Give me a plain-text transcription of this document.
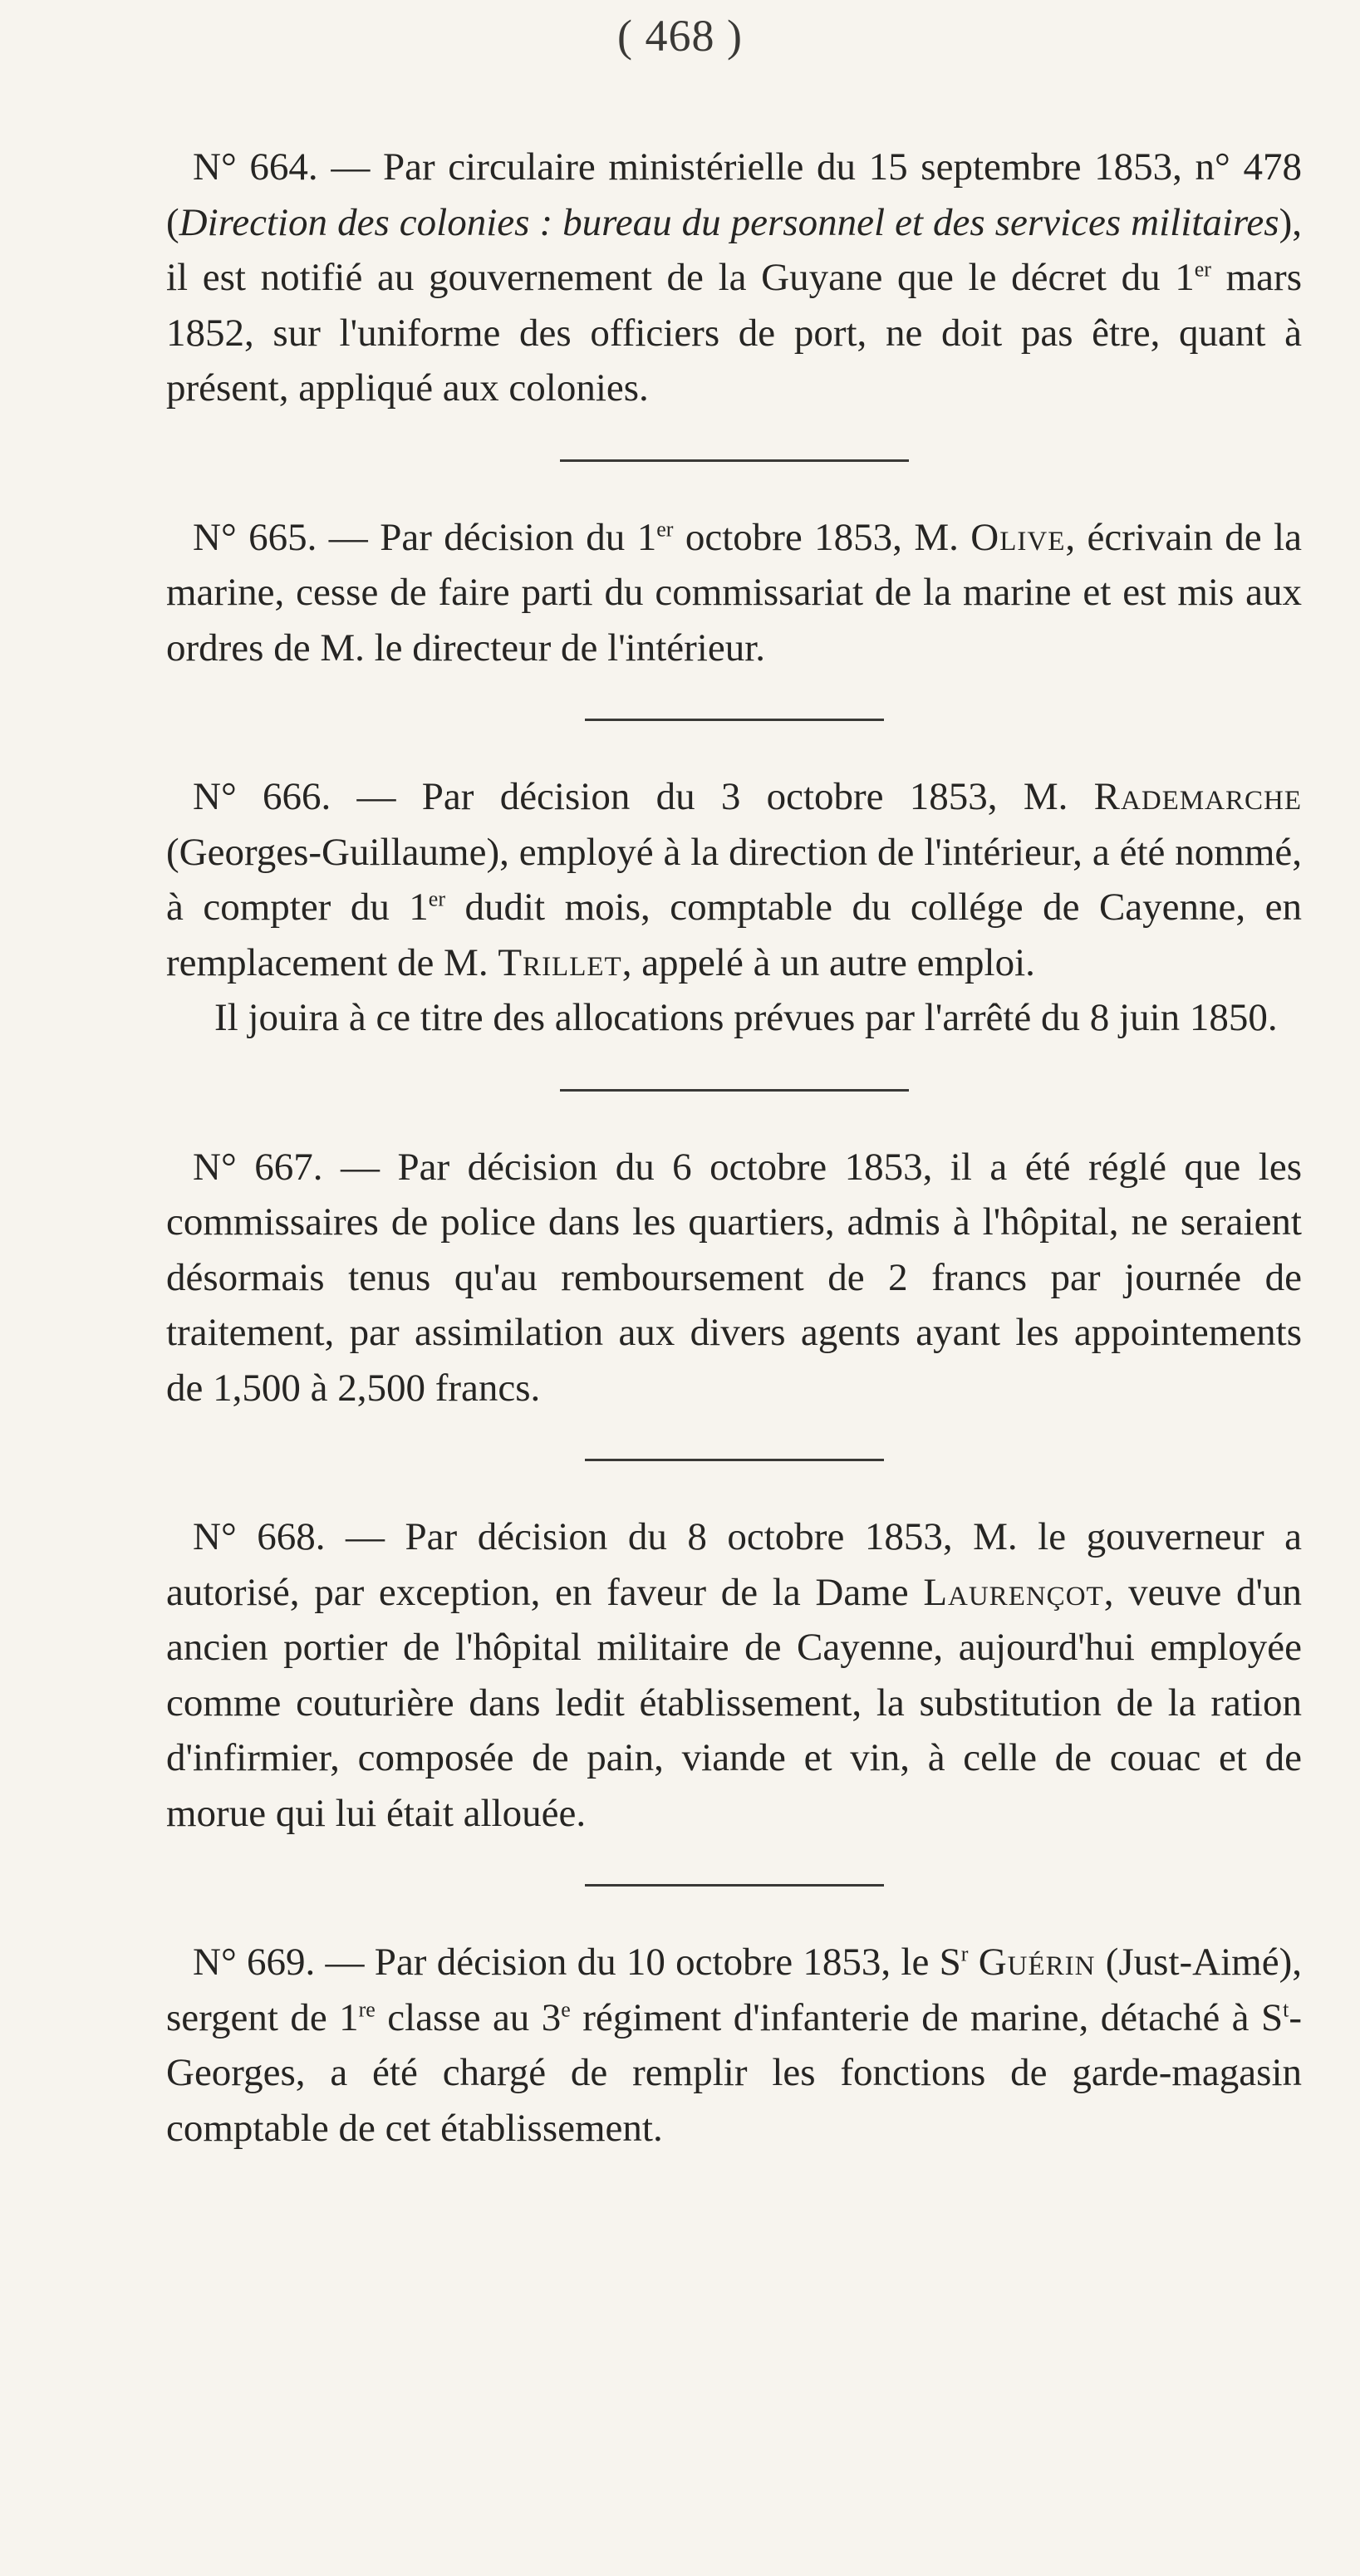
( 468 )

N° 664. — Par circulaire ministérielle du 15 septembre 1853, n° 478 (Direction des colonies : bureau du personnel et des services militaires), il est notifié au gouvernement de la Guyane que le décret du 1er mars 1852, sur l'uniforme des officiers de port, ne doit pas être, quant à présent, appliqué aux colonies.

N° 665. — Par décision du 1er octobre 1853, M. Olive, écrivain de la marine, cesse de faire parti du commissariat de la marine et est mis aux ordres de M. le directeur de l'intérieur.

N° 666. — Par décision du 3 octobre 1853, M. Rademarche (Georges-Guillaume), employé à la direction de l'intérieur, a été nommé, à compter du 1er dudit mois, comptable du collége de Cayenne, en remplacement de M. Trillet, appelé à un autre emploi.

Il jouira à ce titre des allocations prévues par l'arrêté du 8 juin 1850.

N° 667. — Par décision du 6 octobre 1853, il a été réglé que les commissaires de police dans les quartiers, admis à l'hôpital, ne seraient désormais tenus qu'au remboursement de 2 francs par journée de traitement, par assimilation aux divers agents ayant les appointements de 1,500 à 2,500 francs.

N° 668. — Par décision du 8 octobre 1853, M. le gouverneur a autorisé, par exception, en faveur de la Dame Laurençot, veuve d'un ancien portier de l'hôpital militaire de Cayenne, aujourd'hui employée comme couturière dans ledit établissement, la substitution de la ration d'infirmier, composée de pain, viande et vin, à celle de couac et de morue qui lui était allouée.

N° 669. — Par décision du 10 octobre 1853, le $S^r$ Guérin (Just-Aimé), sergent de 1re classe au 3e régiment d'infanterie de marine, détaché à $S^t$-Georges, a été chargé de remplir les fonctions de garde-magasin comptable de cet établissement.
